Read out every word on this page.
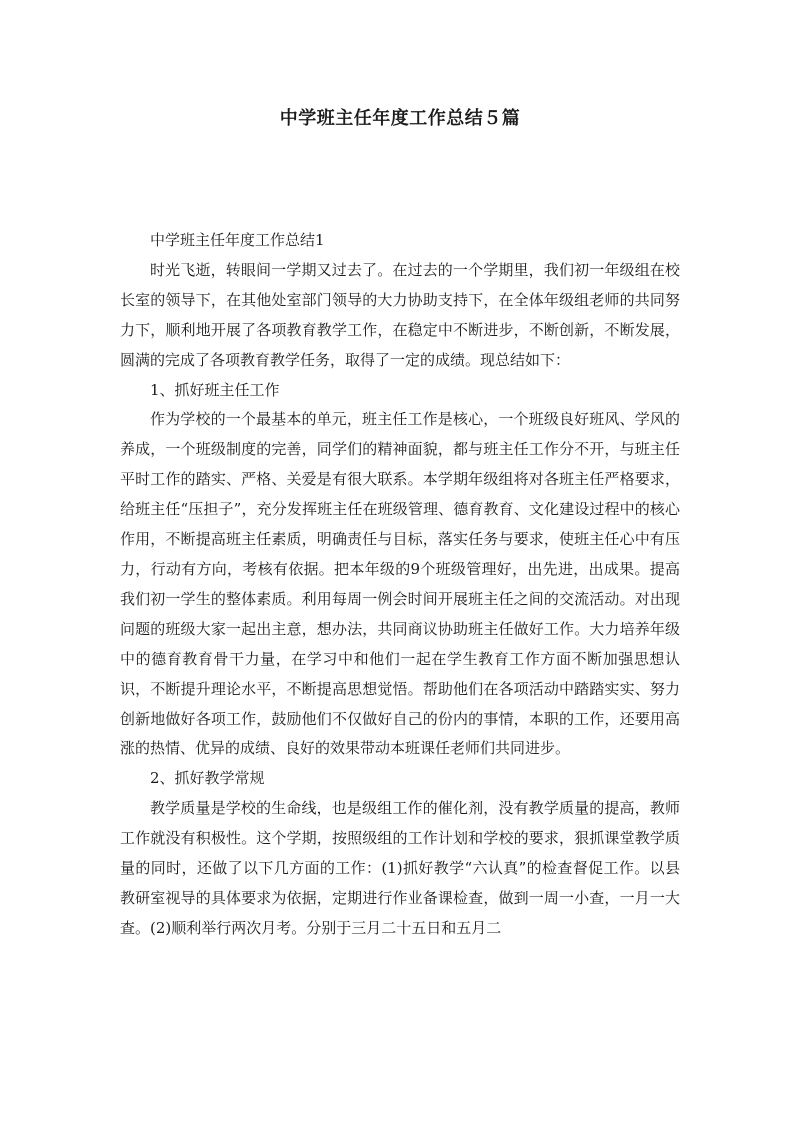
中学班主任年度工作总结５篇

中学班主任年度工作总结1

时光飞逝，转眼间一学期又过去了。在过去的一个学期里，我们初一年级组在校长室的领导下，在其他处室部门领导的大力协助支持下，在全体年级组老师的共同努力下，顺利地开展了各项教育教学工作，在稳定中不断进步，不断创新，不断发展，圆满的完成了各项教育教学任务，取得了一定的成绩。现总结如下：

1、抓好班主任工作

作为学校的一个最基本的单元，班主任工作是核心，一个班级良好班风、学风的养成，一个班级制度的完善，同学们的精神面貌，都与班主任工作分不开，与班主任平时工作的踏实、严格、关爱是有很大联系。本学期年级组将对各班主任严格要求，给班主任“压担子”，充分发挥班主任在班级管理、德育教育、文化建设过程中的核心作用，不断提高班主任素质，明确责任与目标，落实任务与要求，使班主任心中有压力，行动有方向，考核有依据。把本年级的9个班级管理好，出先进，出成果。提高我们初一学生的整体素质。利用每周一例会时间开展班主任之间的交流活动。对出现问题的班级大家一起出主意，想办法，共同商议协助班主任做好工作。大力培养年级中的德育教育骨干力量，在学习中和他们一起在学生教育工作方面不断加强思想认识，不断提升理论水平，不断提高思想觉悟。帮助他们在各项活动中踏踏实实、努力创新地做好各项工作，鼓励他们不仅做好自己的份内的事情，本职的工作，还要用高涨的热情、优异的成绩、良好的效果带动本班课任老师们共同进步。

2、抓好教学常规

教学质量是学校的生命线，也是级组工作的催化剂，没有教学质量的提高，教师工作就没有积极性。这个学期，按照级组的工作计划和学校的要求，狠抓课堂教学质量的同时，还做了以下几方面的工作：(1)抓好教学“六认真”的检查督促工作。以县教研室视导的具体要求为依据，定期进行作业备课检查，做到一周一小查，一月一大查。(2)顺利举行两次月考。分别于三月二十五日和五月二
